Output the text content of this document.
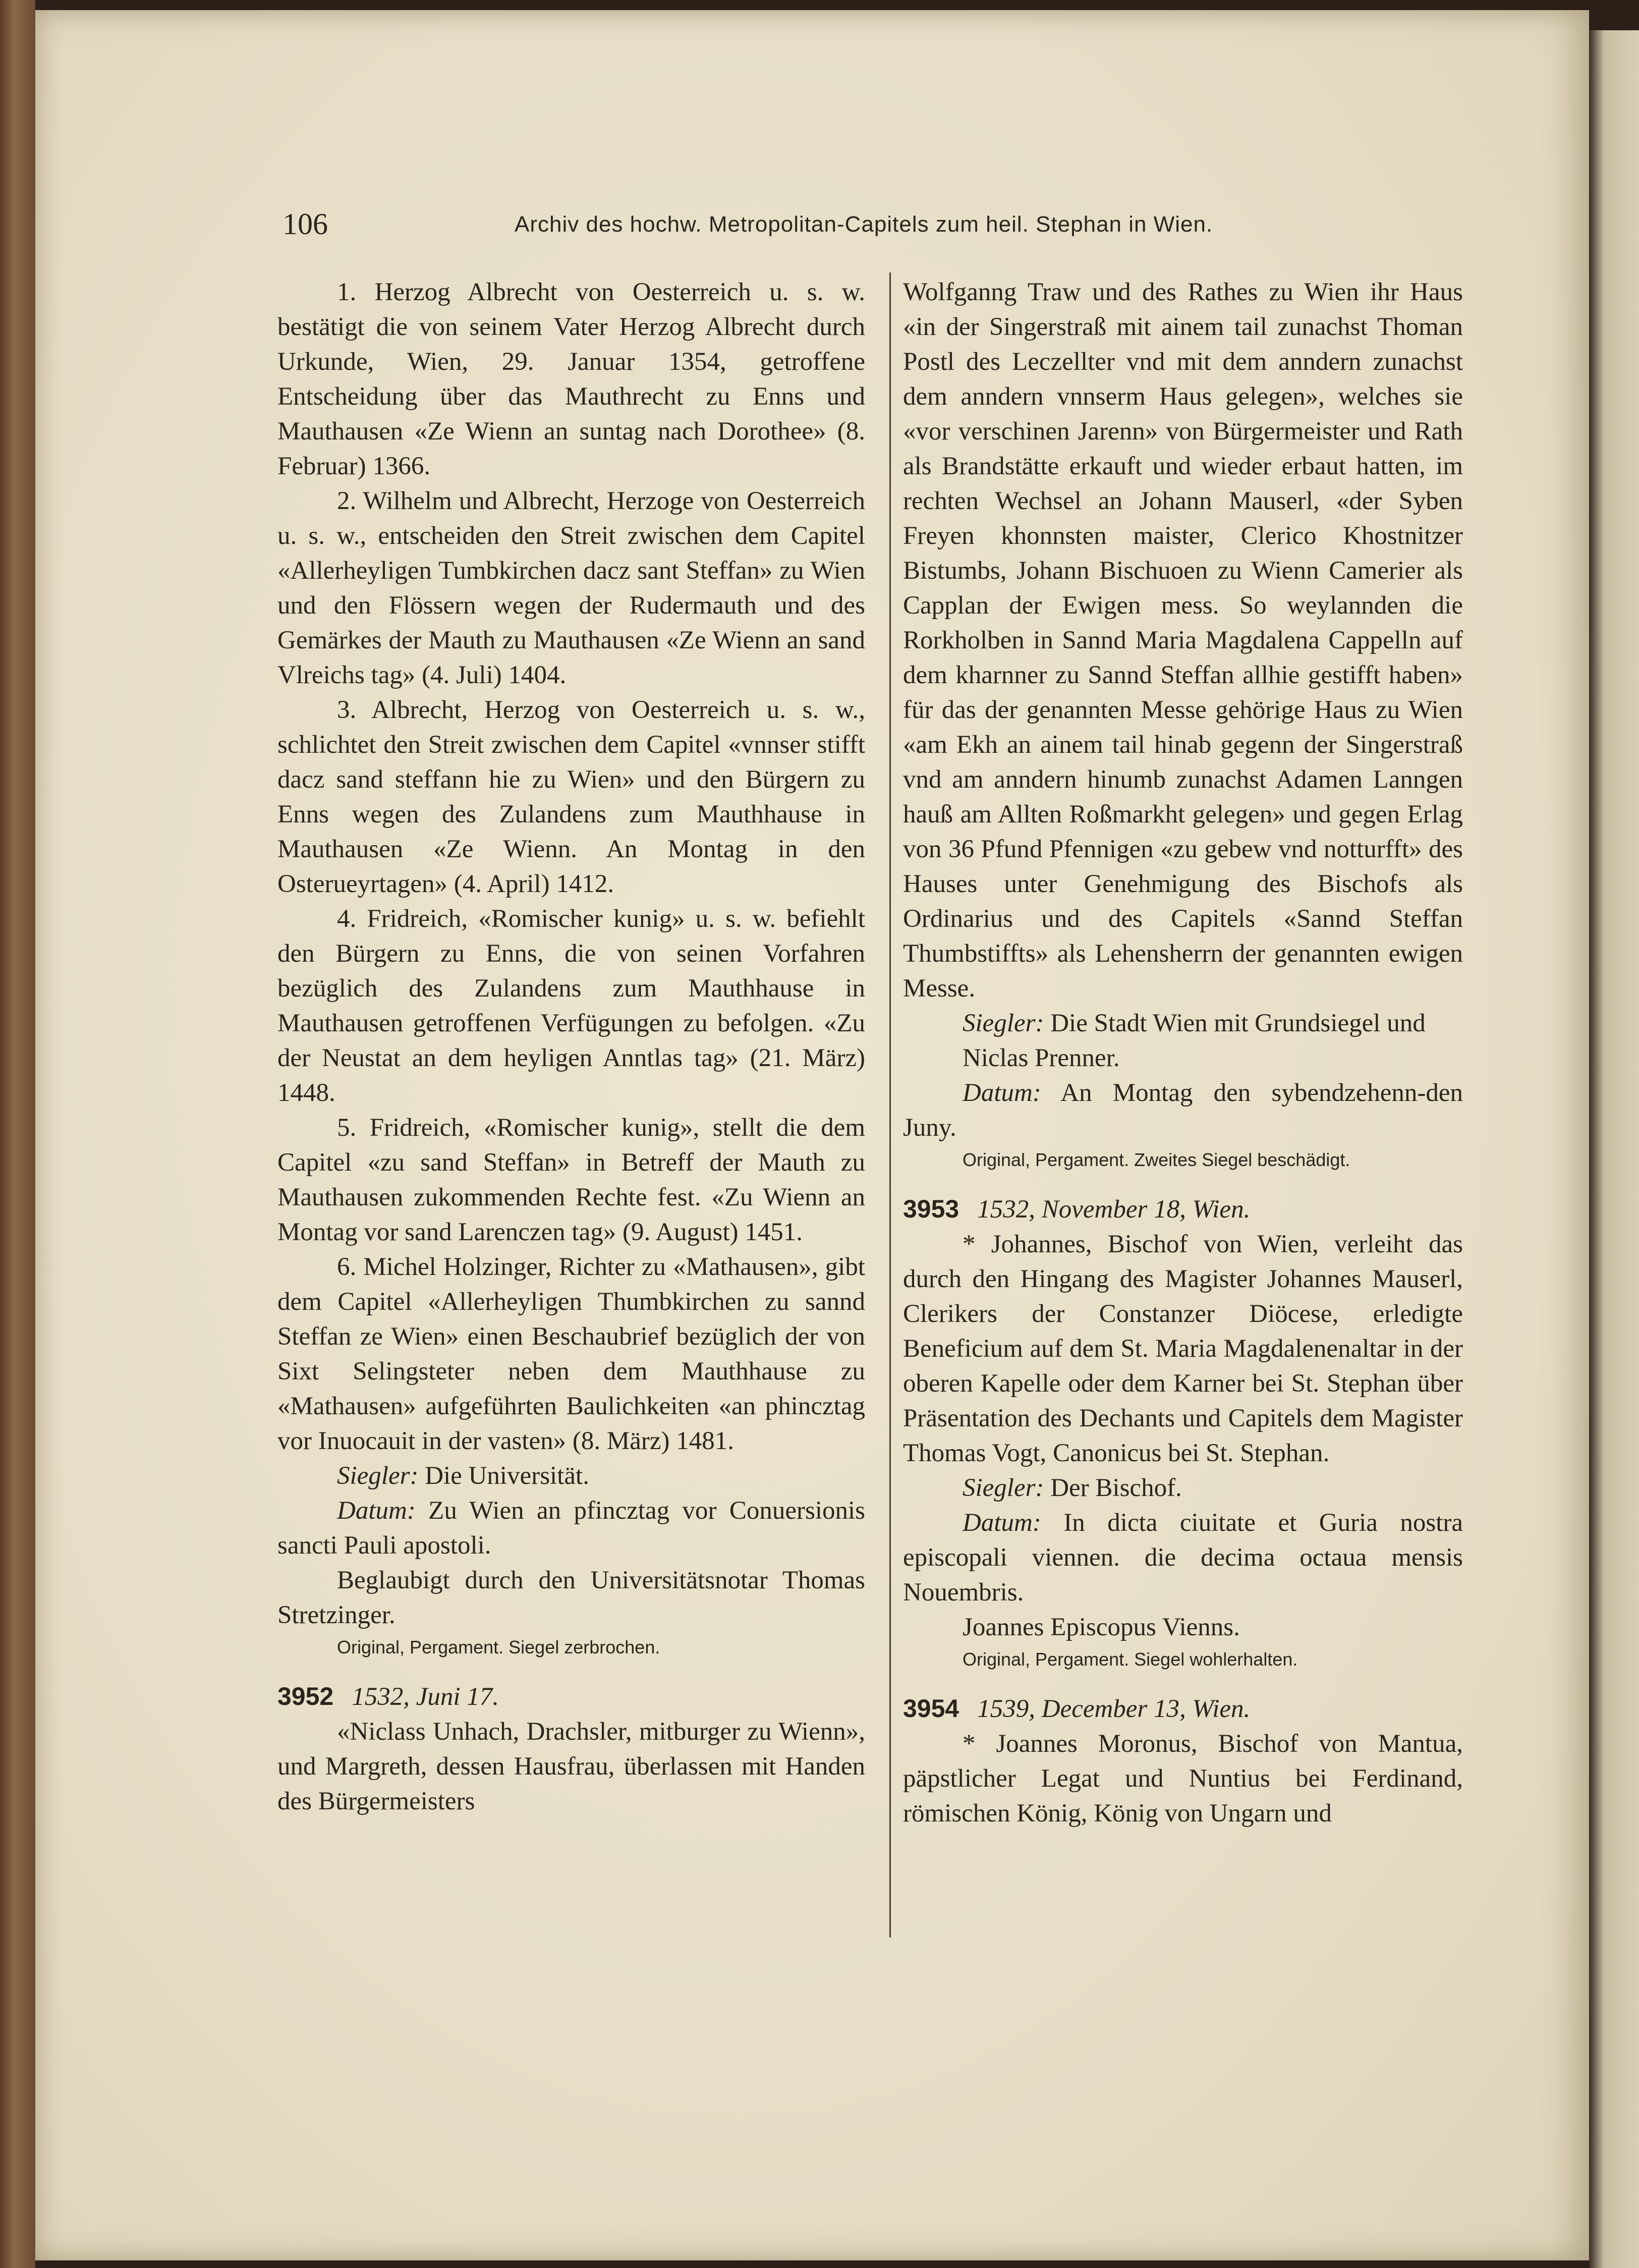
106	Archiv des hochw. Metropolitan-Capitels zum heil. Stephan in Wien.

1. Herzog Albrecht von Oesterreich u. s. w. bestätigt die von seinem Vater Herzog Albrecht durch Urkunde, Wien, 29. Januar 1354, getroffene Entscheidung über das Mauthrecht zu Enns und Mauthausen «Ze Wienn an suntag nach Dorothee» (8. Februar) 1366.

2. Wilhelm und Albrecht, Herzoge von Oesterreich u. s. w., entscheiden den Streit zwischen dem Capitel «Allerheyligen Tumbkirchen dacz sant Steffan» zu Wien und den Flössern wegen der Rudermauth und des Gemärkes der Mauth zu Mauthausen «Ze Wienn an sand Vlreichs tag» (4. Juli) 1404.

3. Albrecht, Herzog von Oesterreich u. s. w., schlichtet den Streit zwischen dem Capitel «vnnser stifft dacz sand steffann hie zu Wien» und den Bürgern zu Enns wegen des Zulandens zum Mauthhause in Mauthausen «Ze Wienn. An Montag in den Osterueyrtagen» (4. April) 1412.

4. Fridreich, «Romischer kunig» u. s. w. befiehlt den Bürgern zu Enns, die von seinen Vorfahren bezüglich des Zulandens zum Mauthhause in Mauthausen getroffenen Verfügungen zu befolgen. «Zu der Neustat an dem heyligen Anntlas tag» (21. März) 1448.

5. Fridreich, «Romischer kunig», stellt die dem Capitel «zu sand Steffan» in Betreff der Mauth zu Mauthausen zukommenden Rechte fest. «Zu Wienn an Montag vor sand Larenczen tag» (9. August) 1451.

6. Michel Holzinger, Richter zu «Mathausen», gibt dem Capitel «Allerheyligen Thumbkirchen zu sannd Steffan ze Wien» einen Beschaubrief bezüglich der von Sixt Selingsteter neben dem Mauthhause zu «Mathausen» aufgeführten Baulichkeiten «an phincztag vor Inuocauit in der vasten» (8. März) 1481.

Siegler: Die Universität.

Datum: Zu Wien an pfincztag vor Conuersionis sancti Pauli apostoli.

Beglaubigt durch den Universitätsnotar Thomas Stretzinger.

Original, Pergament. Siegel zerbrochen.

3952 1532, Juni 17.

«Niclass Unhach, Drachsler, mitburger zu Wienn», und Margreth, dessen Hausfrau, überlassen mit Handen des Bürgermeisters

Wolfganng Traw und des Rathes zu Wien ihr Haus «in der Singerstraß mit ainem tail zunachst Thoman Postl des Leczellter vnd mit dem anndern zunachst dem anndern vnnserm Haus gelegen», welches sie «vor verschinen Jarenn» von Bürgermeister und Rath als Brandstätte erkauft und wieder erbaut hatten, im rechten Wechsel an Johann Mauserl, «der Syben Freyen khonnsten maister, Clerico Khostnitzer Bistumbs, Johann Bischuoen zu Wienn Camerier als Capplan der Ewigen mess. So weylannden die Rorkholben in Sannd Maria Magdalena Cappelln auf dem kharnner zu Sannd Steffan allhie gestifft haben» für das der genannten Messe gehörige Haus zu Wien «am Ekh an ainem tail hinab gegenn der Singerstraß vnd am anndern hinumb zunachst Adamen Lanngen hauß am Allten Roßmarkht gelegen» und gegen Erlag von 36 Pfund Pfennigen «zu gebew vnd notturfft» des Hauses unter Genehmigung des Bischofs als Ordinarius und des Capitels «Sannd Steffan Thumbstiffts» als Lehensherrn der genannten ewigen Messe.

Siegler: Die Stadt Wien mit Grundsiegel und Niclas Prenner.

Datum: An Montag den sybendzehenn-den Juny.

Original, Pergament. Zweites Siegel beschädigt.

3953 1532, November 18, Wien.

* Johannes, Bischof von Wien, verleiht das durch den Hingang des Magister Johannes Mauserl, Clerikers der Constanzer Diöcese, erledigte Beneficium auf dem St. Maria Magdalenenaltar in der oberen Kapelle oder dem Karner bei St. Stephan über Präsentation des Dechants und Capitels dem Magister Thomas Vogt, Canonicus bei St. Stephan.

Siegler: Der Bischof.

Datum: In dicta ciuitate et Guria nostra episcopali viennen. die decima octaua mensis Nouembris.

Joannes Episcopus Vienns.

Original, Pergament. Siegel wohlerhalten.

3954 1539, December 13, Wien.

* Joannes Moronus, Bischof von Mantua, päpstlicher Legat und Nuntius bei Ferdinand, römischen König, König von Ungarn und
